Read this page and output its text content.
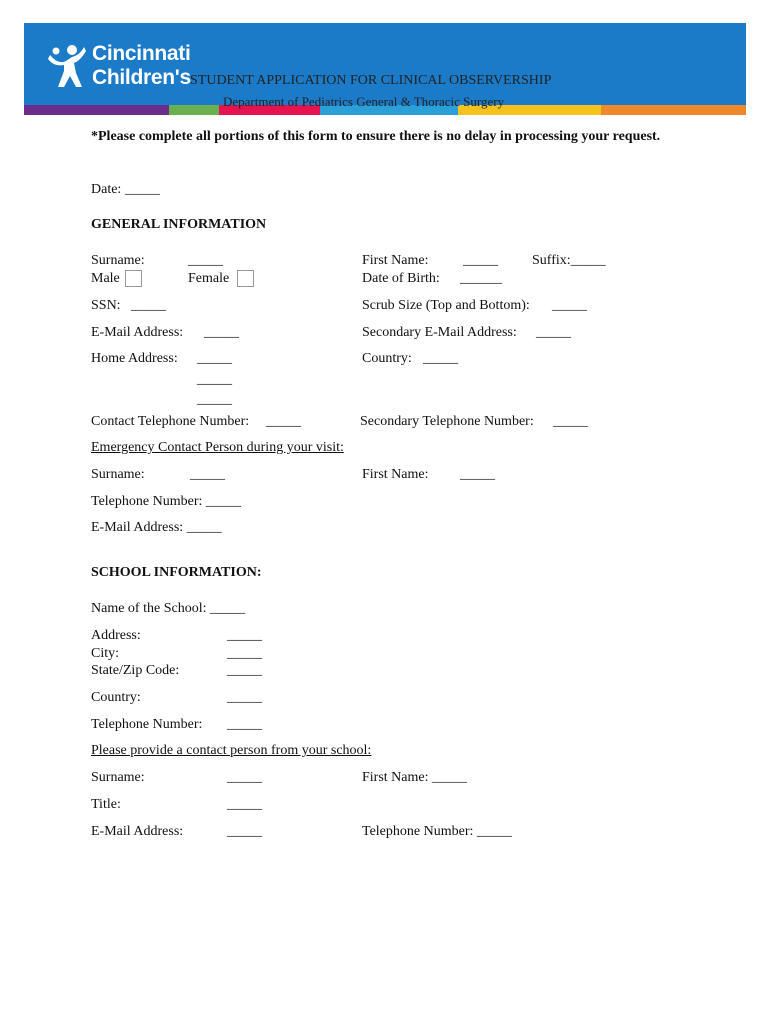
Cincinnati
Children's STUDENT APPLICATION FOR CLINICAL OBSERVERSHIP
Department of Pediatrics General & Thoracic Surgery
*Please complete all portions of this form to ensure there is no delay in processing your request.
Date: _____
GENERAL INFORMATION
Surname:	_____	First Name: _____ Suffix:_____
Male	Female	Date of Birth: ______
SSN: _____	Scrub Size (Top and Bottom): _____
E-Mail Address: _____	Secondary E-Mail Address: _____
Home Address: _____
_____
_____
Country: _____
Contact Telephone Number: _____	Secondary Telephone Number: _____
Emergency Contact Person during your visit:
Surname:	_____	First Name: _____
Telephone Number: _____
E-Mail Address: _____
SCHOOL INFORMATION:
Name of the School: _____
Address:	_____
City:	_____
State/Zip Code:	_____
Country:	_____
Telephone Number: _____
Please provide a contact person from your school:
Surname:	_____	First Name: _____
Title:	_____
E-Mail Address:	_____	Telephone Number: _____
